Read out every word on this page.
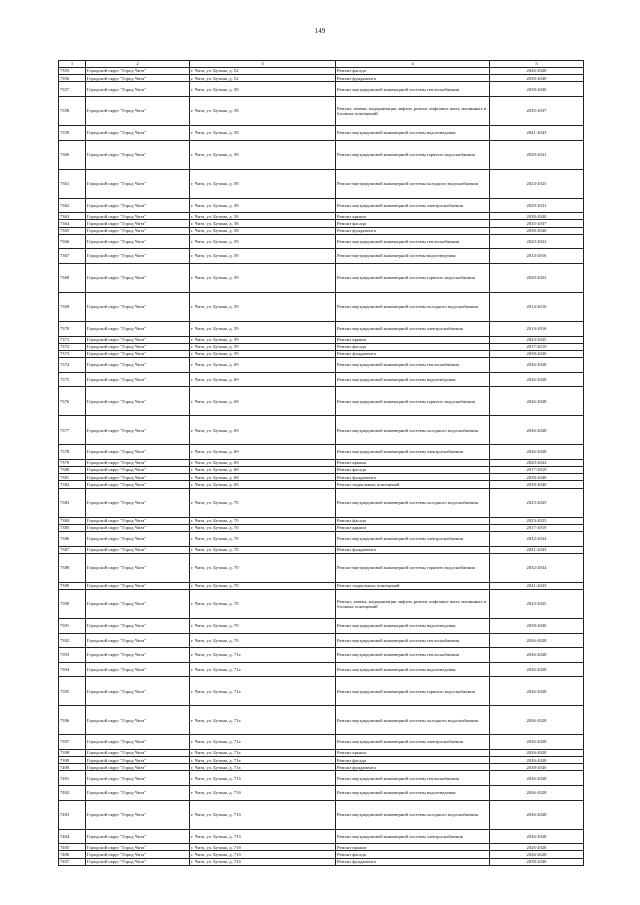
149
1	2	3	4	5
7355	Городской округ "Город Чита"	г. Чита, ул. Бутина, д. 52	Ремонт фасада	2026-2028
7356	Городской округ "Город Чита"	г. Чита, ул. Бутина, д. 52	Ремонт фундамента	2038-2040
7357	Городской округ "Город Чита"	г. Чита, ул. Бутина, д. 58	Ремонт внутридомовой инженерной системы теплоснабжения	2038-2040
7358	Городской округ "Город Чита"	г. Чита, ул. Бутина, д. 58	Ремонт, замена, модернизация лифтов, ремонт лифтовых шахт, машинных и блочных помещений	2035-2037
7359	Городской округ "Город Чита"	г. Чита, ул. Бутина, д. 58	Ремонт внутридомовой инженерной системы водоотведения	2041-2043
7360	Городской округ "Город Чита"	г. Чита, ул. Бутина, д. 58	Ремонт внутридомовой инженерной системы горячего водоснабжения	2029-2031
7361	Городской округ "Город Чита"	г. Чита, ул. Бутина, д. 58	Ремонт внутридомовой инженерной системы холодного водоснабжения	2023-2025
7362	Городской округ "Город Чита"	г. Чита, ул. Бутина, д. 58	Ремонт внутридомовой инженерной системы электроснабжения	2029-2031
7363	Городской округ "Город Чита"	г. Чита, ул. Бутина, д. 58	Ремонт крыши	2038-2040
7364	Городской округ "Город Чита"	г. Чита, ул. Бутина, д. 58	Ремонт фасада	2035-2037
7365	Городской округ "Город Чита"	г. Чита, ул. Бутина, д. 58	Ремонт фундамента	2038-2040
7366	Городской округ "Город Чита"	г. Чита, ул. Бутина, д. 59	Ремонт внутридомовой инженерной системы теплоснабжения	2020-2022
7367	Городской округ "Город Чита"	г. Чита, ул. Бутина, д. 59	Ремонт внутридомовой инженерной системы водоотведения	2014-2016
7368	Городской округ "Город Чита"	г. Чита, ул. Бутина, д. 59	Ремонт внутридомовой инженерной системы горячего водоснабжения	2020-2022
7369	Городской округ "Город Чита"	г. Чита, ул. Бутина, д. 59	Ремонт внутридомовой инженерной системы холодного водоснабжения	2014-2016
7370	Городской округ "Город Чита"	г. Чита, ул. Бутина, д. 59	Ремонт внутридомовой инженерной системы электроснабжения	2014-2016
7371	Городской округ "Город Чита"	г. Чита, ул. Бутина, д. 59	Ремонт крыши	2023-2025
7372	Городской округ "Город Чита"	г. Чита, ул. Бутина, д. 59	Ремонт фасада	2017-2019
7373	Городской округ "Город Чита"	г. Чита, ул. Бутина, д. 59	Ремонт фундамента	2038-2040
7374	Городской округ "Город Чита"	г. Чита, ул. Бутина, д. 69	Ремонт внутридомовой инженерной системы теплоснабжения	2026-2028
7375	Городской округ "Город Чита"	г. Чита, ул. Бутина, д. 69	Ремонт внутридомовой инженерной системы водоотведения	2026-2028
7376	Городской округ "Город Чита"	г. Чита, ул. Бутина, д. 69	Ремонт внутридомовой инженерной системы горячего водоснабжения	2026-2028
7377	Городской округ "Город Чита"	г. Чита, ул. Бутина, д. 69	Ремонт внутридомовой инженерной системы холодного водоснабжения	2026-2028
7378	Городской округ "Город Чита"	г. Чита, ул. Бутина, д. 69	Ремонт внутридомовой инженерной системы электроснабжения	2026-2028
7379	Городской округ "Город Чита"	г. Чита, ул. Бутина, д. 69	Ремонт крыши	2020-2022
7380	Городской округ "Город Чита"	г. Чита, ул. Бутина, д. 69	Ремонт фасада	2017-2019
7381	Городской округ "Город Чита"	г. Чита, ул. Бутина, д. 69	Ремонт фундамента	2038-2040
7382	Городской округ "Город Чита"	г. Чита, ул. Бутина, д. 69	Ремонт подвальных помещений	2038-2040
7383	Городской округ "Город Чита"	г. Чита, ул. Бутина, д. 70	Ремонт внутридомовой инженерной системы холодного водоснабжения	2023-2025
7384	Городской округ "Город Чита"	г. Чита, ул. Бутина, д. 70	Ремонт фасада	2023-2025
7385	Городской округ "Город Чита"	г. Чита, ул. Бутина, д. 70	Ремонт крыши	2017-2019
7386	Городской округ "Город Чита"	г. Чита, ул. Бутина, д. 70	Ремонт внутридомовой инженерной системы электроснабжения	2032-2034
7387	Городской округ "Город Чита"	г. Чита, ул. Бутина, д. 70	Ремонт фундамента	2041-2043
7388	Городской округ "Город Чита"	г. Чита, ул. Бутина, д. 70	Ремонт внутридомовой инженерной системы горячего водоснабжения	2032-2034
7389	Городской округ "Город Чита"	г. Чита, ул. Бутина, д. 70	Ремонт подвальных помещений	2041-2043
7390	Городской округ "Город Чита"	г. Чита, ул. Бутина, д. 70	Ремонт, замена, модернизация лифтов, ремонт лифтовых шахт, машинных и блочных помещений	2023-2025
7391	Городской округ "Город Чита"	г. Чита, ул. Бутина, д. 70	Ремонт внутридомовой инженерной системы водоотведения	2038-2040
7392	Городской округ "Город Чита"	г. Чита, ул. Бутина, д. 70	Ремонт внутридомовой инженерной системы теплоснабжения	2026-2028
7393	Городской округ "Город Чита"	г. Чита, ул. Бутина, д. 71а	Ремонт внутридомовой инженерной системы теплоснабжения	2026-2028
7394	Городской округ "Город Чита"	г. Чита, ул. Бутина, д. 71а	Ремонт внутридомовой инженерной системы водоотведения	2026-2028
7395	Городской округ "Город Чита"	г. Чита, ул. Бутина, д. 71а	Ремонт внутридомовой инженерной системы горячего водоснабжения	2026-2028
7396	Городской округ "Город Чита"	г. Чита, ул. Бутина, д. 71а	Ремонт внутридомовой инженерной системы холодного водоснабжения	2026-2028
7397	Городской округ "Город Чита"	г. Чита, ул. Бутина, д. 71а	Ремонт внутридомовой инженерной системы электроснабжения	2026-2028
7398	Городской округ "Город Чита"	г. Чита, ул. Бутина, д. 71а	Ремонт крыши	2026-2028
7399	Городской округ "Город Чита"	г. Чита, ул. Бутина, д. 71а	Ремонт фасада	2026-2028
7400	Городской округ "Город Чита"	г. Чита, ул. Бутина, д. 71а	Ремонт фундамента	2038-2040
7401	Городской округ "Город Чита"	г. Чита, ул. Бутина, д. 71б	Ремонт внутридомовой инженерной системы теплоснабжения	2026-2028
7402	Городской округ "Город Чита"	г. Чита, ул. Бутина, д. 71б	Ремонт внутридомовой инженерной системы водоотведения	2026-2028
7403	Городской округ "Город Чита"	г. Чита, ул. Бутина, д. 71б	Ремонт внутридомовой инженерной системы холодного водоснабжения	2026-2028
7404	Городской округ "Город Чита"	г. Чита, ул. Бутина, д. 71б	Ремонт внутридомовой инженерной системы электроснабжения	2026-2028
7405	Городской округ "Город Чита"	г. Чита, ул. Бутина, д. 71б	Ремонт крыши	2026-2028
7406	Городской округ "Город Чита"	г. Чита, ул. Бутина, д. 71б	Ремонт фасада	2026-2028
7407	Городской округ "Город Чита"	г. Чита, ул. Бутина, д. 71б	Ремонт фундамента	2038-2040
